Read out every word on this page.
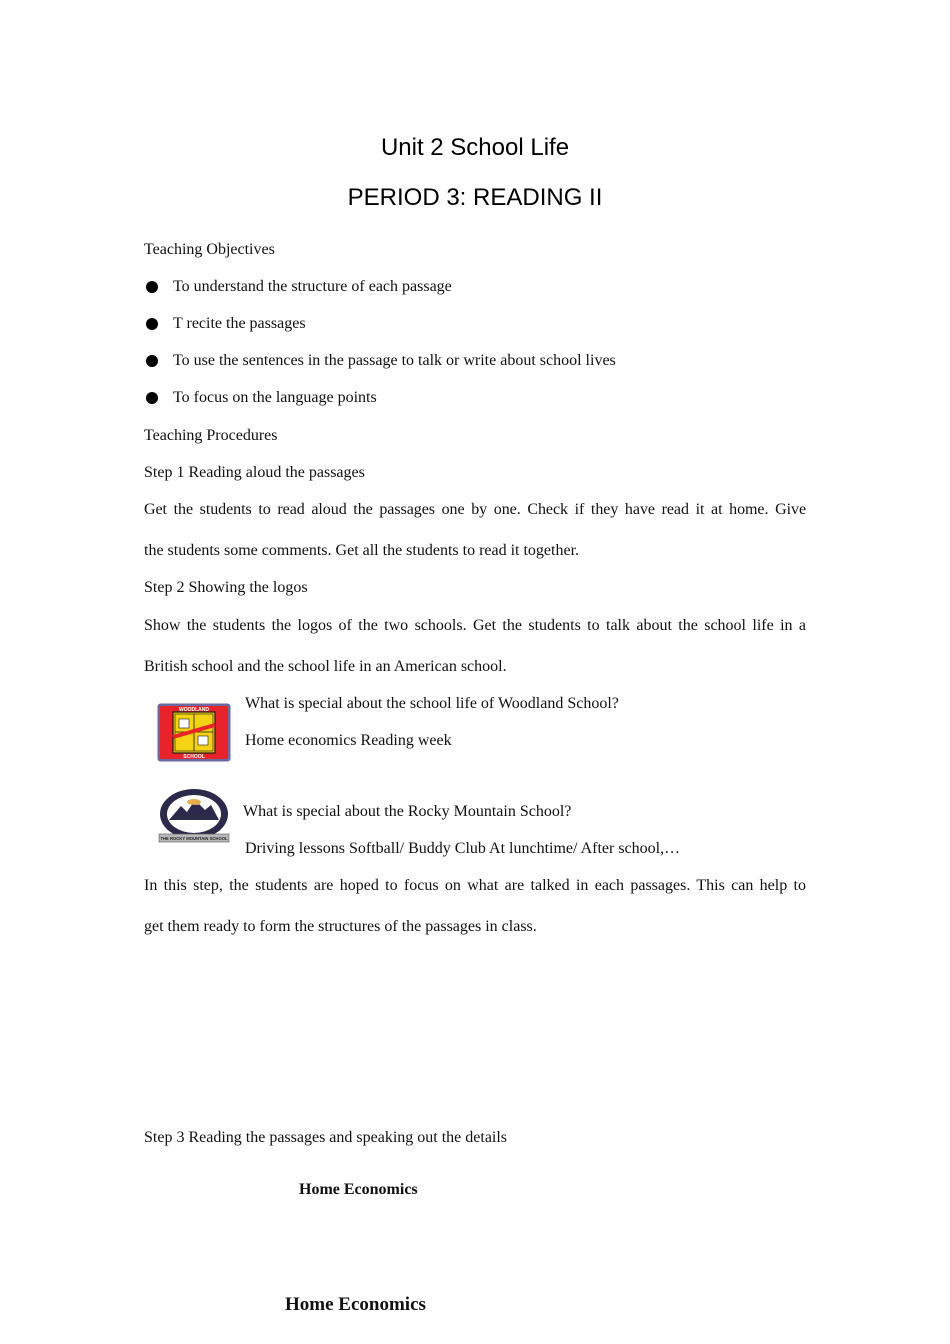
Unit 2 School Life
PERIOD 3: READING II
Teaching Objectives
To understand the structure of each passage
T recite the passages
To use the sentences in the passage to talk or write about school lives
To focus on the language points
Teaching Procedures
Step 1 Reading aloud the passages
Get the students to read aloud the passages one by one. Check if they have read it at home. Give
the students some comments. Get all the students to read it together.
Step 2 Showing the logos
Show the students the logos of the two schools. Get the students to talk about the school life in a
British school and the school life in an American school.
WOODLAND
SCHOOL
What is special about the school life of Woodland School?
Home economics Reading week
THE ROCKY MOUNTAIN SCHOOL
What is special about the Rocky Mountain School?
Driving lessons Softball/ Buddy Club At lunchtime/ After school,…
In this step, the students are hoped to focus on what are talked in each passages. This can help to
get them ready to form the structures of the passages in class.
Step 3 Reading the passages and speaking out the details
Home Economics
Home Economics
